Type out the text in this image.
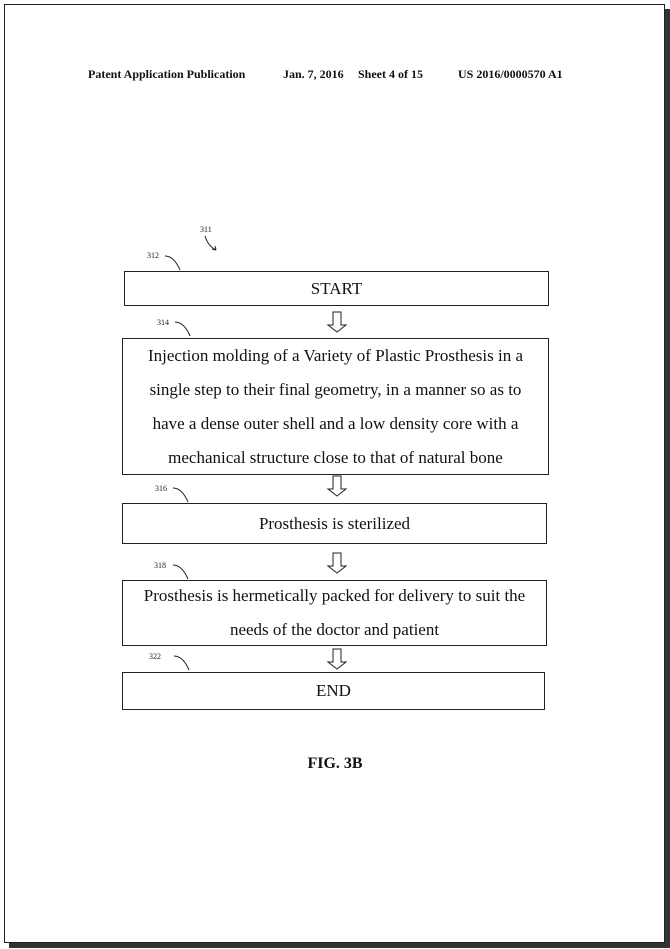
Patent Application Publication	Jan. 7, 2016 Sheet 4 of 15	US 2016/0000570 A1
311
312
314
316
318
322
START
Injection molding of a Variety of Plastic Prosthesis in a
single step to their final geometry, in a manner so as to
have a dense outer shell and a low density core with a
mechanical structure close to that of natural bone
Prosthesis is sterilized
Prosthesis is hermetically packed for delivery to suit the
needs of the doctor and patient
END
FIG. 3B
